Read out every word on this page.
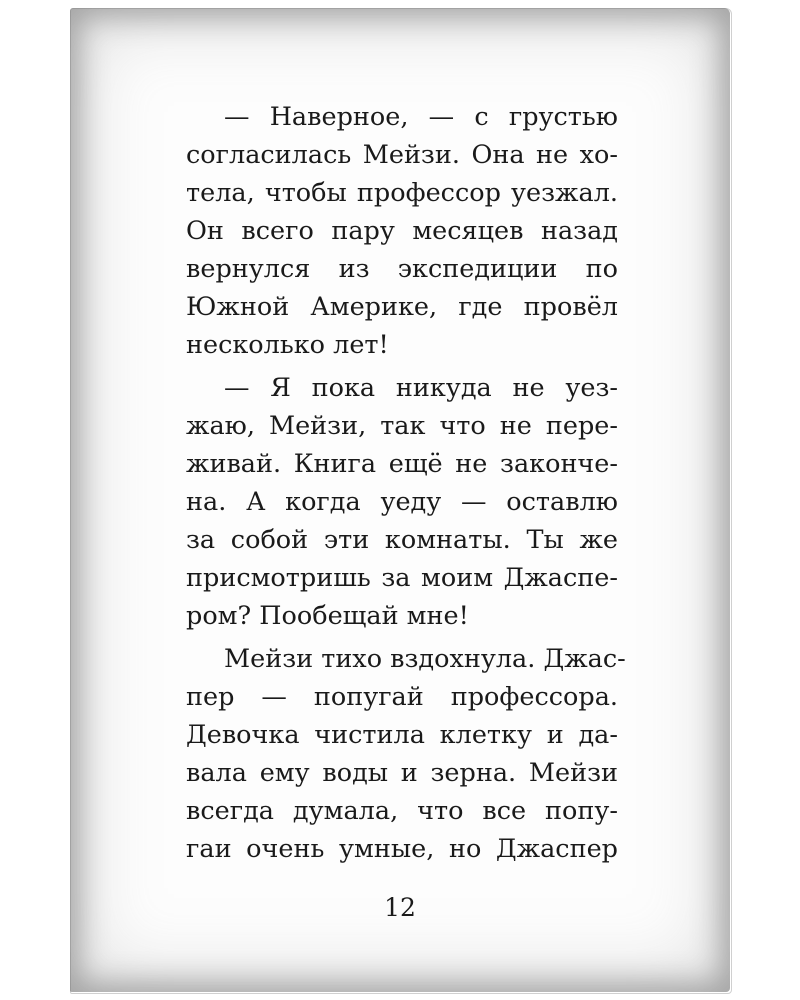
— Наверное, — с грустью
согласилась Мейзи. Она не хо-
тела, чтобы профессор уезжал.
Он всего пару месяцев назад
вернулся из экспедиции по
Южной Америке, где провёл
несколько лет!
— Я пока никуда не уез-
жаю, Мейзи, так что не пере-
живай. Книга ещё не законче-
на. А когда уеду — оставлю
за собой эти комнаты. Ты же
присмотришь за моим Джаспе-
ром? Пообещай мне!
Мейзи тихо вздохнула. Джас-
пер — попугай профессора.
Девочка чистила клетку и да-
вала ему воды и зерна. Мейзи
всегда думала, что все попу-
гаи очень умные, но Джаспер
12
